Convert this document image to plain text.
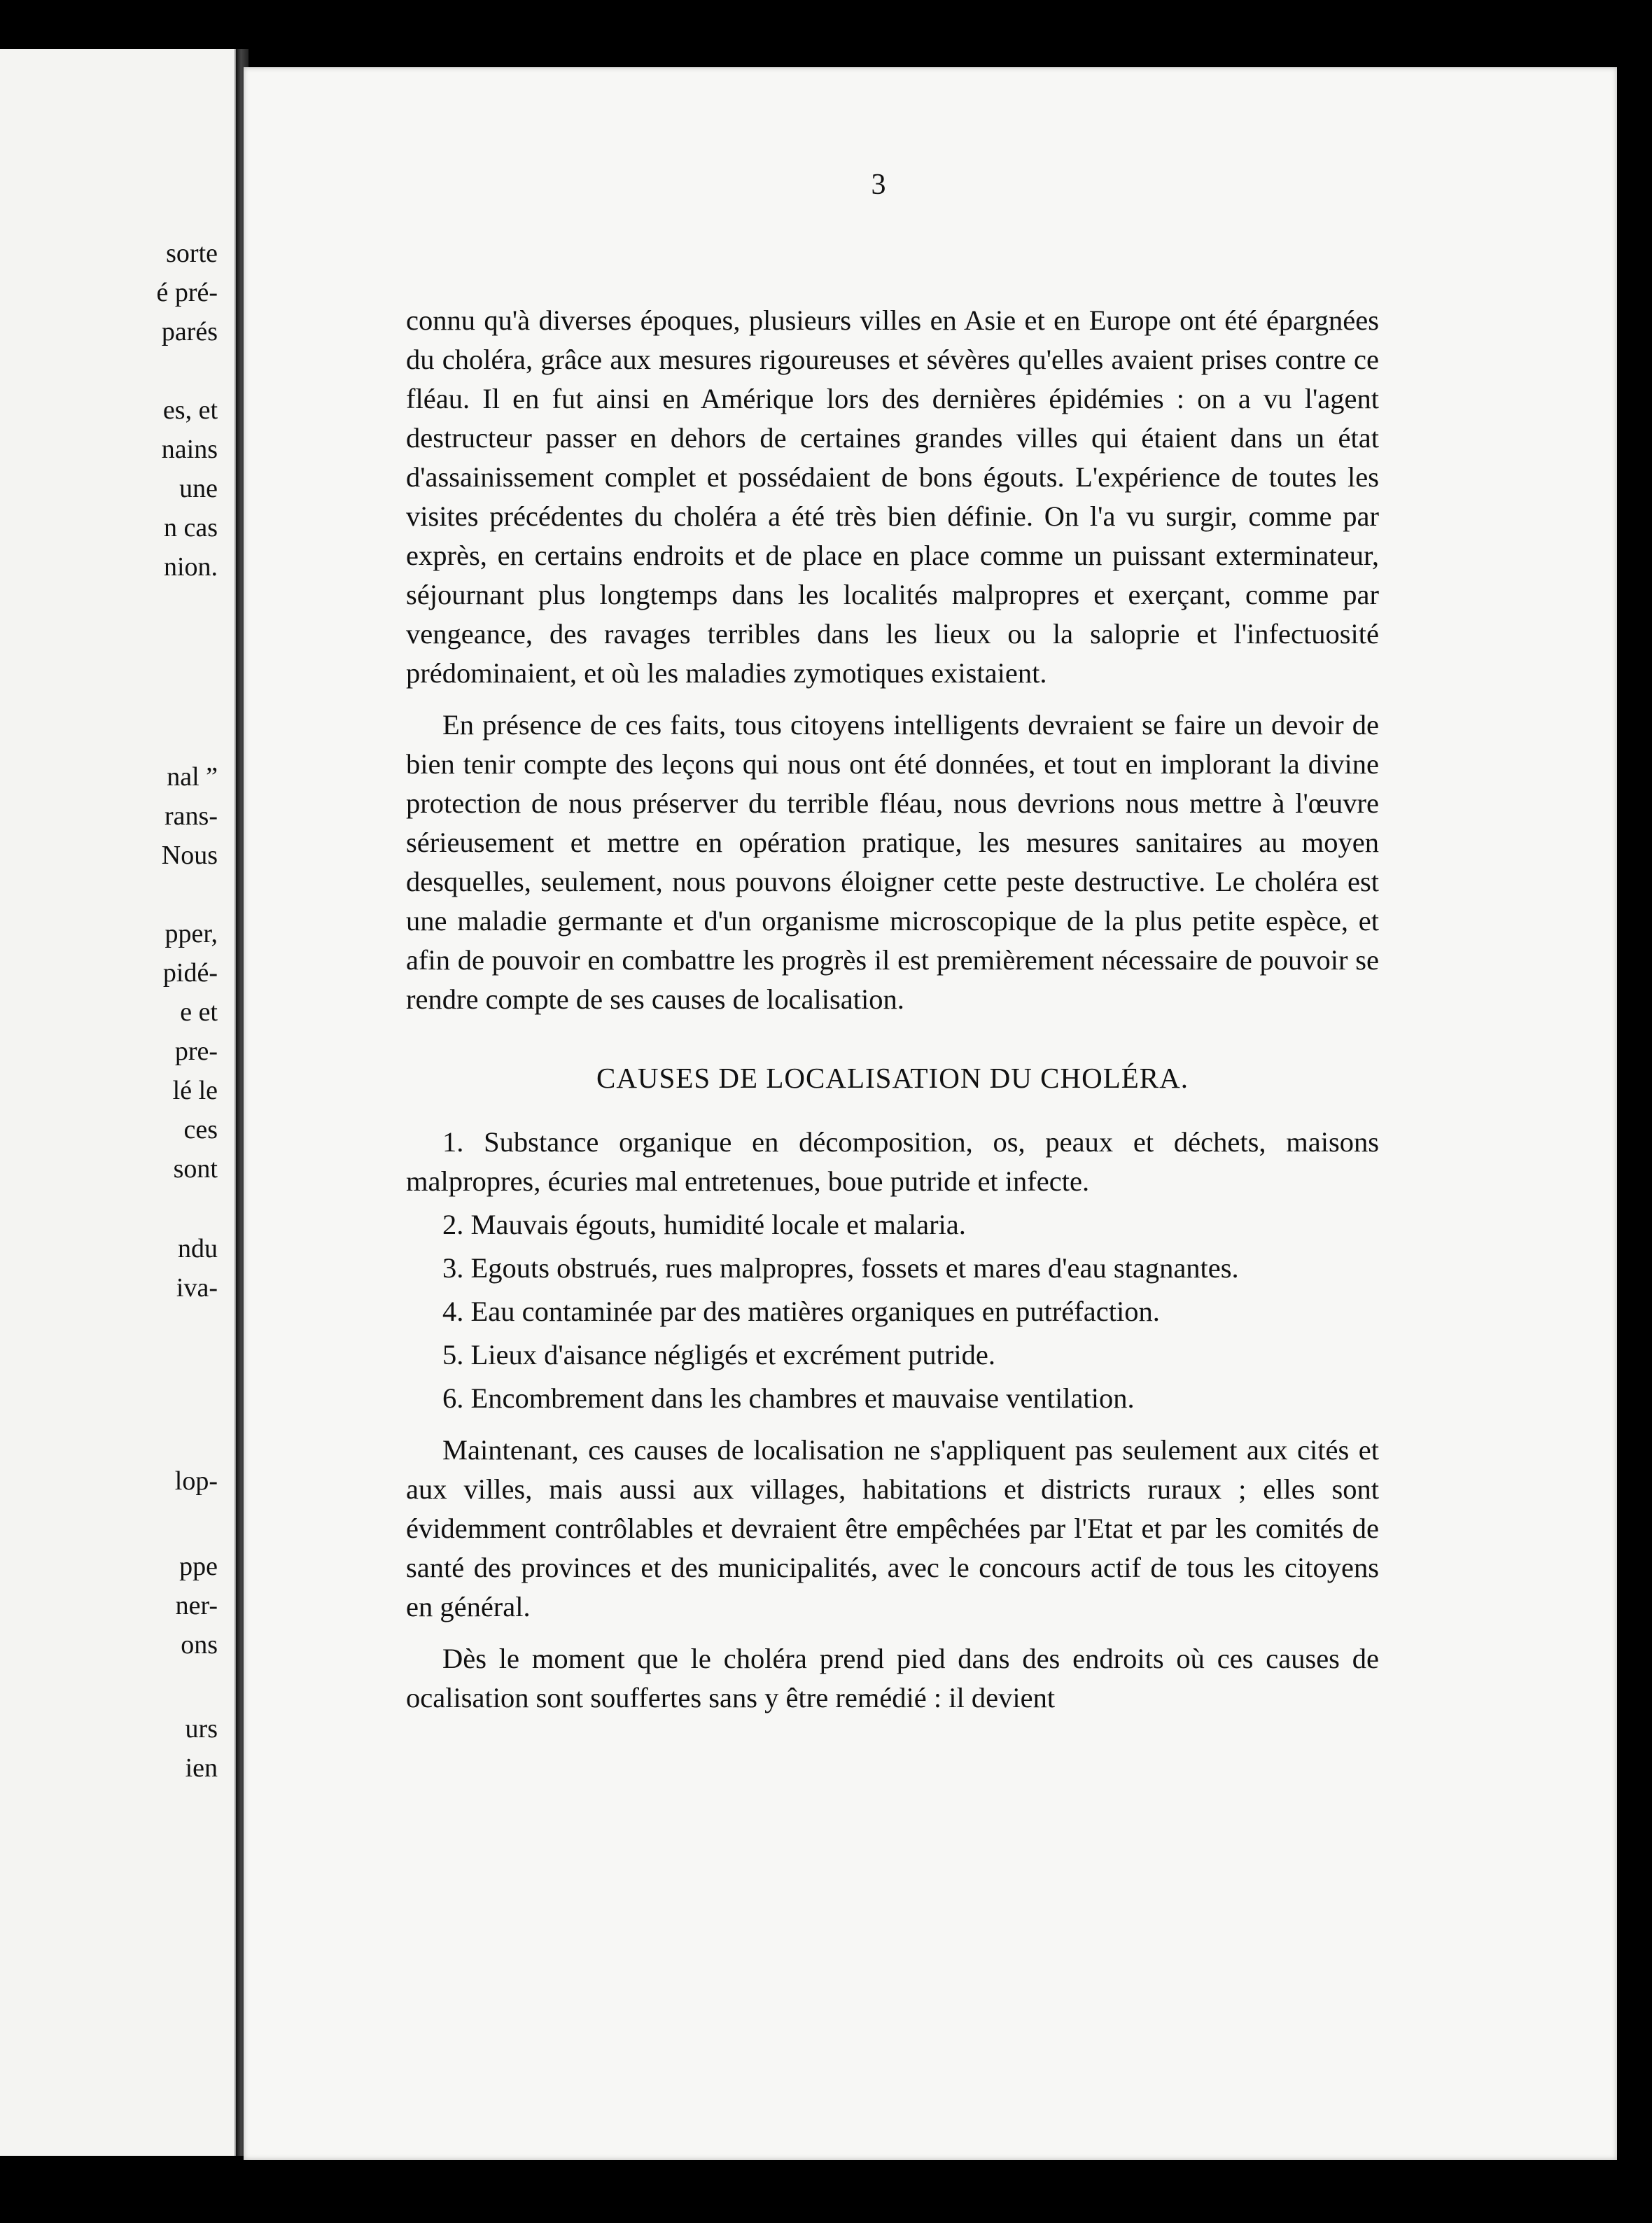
sorte
é pré-
parés
es, et
nains
une
n cas
nion.
nal ”
rans-
Nous
pper,
pidé-
e et
pre-
lé le
ces
sont
ndu
iva-
lop-
ppe
ner-
ons
urs
ien
3

connu qu'à diverses époques, plusieurs villes en Asie et en Europe ont été épargnées du choléra, grâce aux mesures rigoureuses et sévères qu'elles avaient prises contre ce fléau. Il en fut ainsi en Amérique lors des dernières épidémies : on a vu l'agent destructeur passer en dehors de certaines grandes villes qui étaient dans un état d'assainissement complet et possédaient de bons égouts. L'expérience de toutes les visites précédentes du choléra a été très bien définie. On l'a vu surgir, comme par exprès, en certains endroits et de place en place comme un puissant exterminateur, séjournant plus longtemps dans les localités malpropres et exerçant, comme par vengeance, des ravages terribles dans les lieux ou la saloprie et l'infectuosité prédominaient, et où les maladies zymotiques existaient.

En présence de ces faits, tous citoyens intelligents devraient se faire un devoir de bien tenir compte des leçons qui nous ont été données, et tout en implorant la divine protection de nous préserver du terrible fléau, nous devrions nous mettre à l'œuvre sérieusement et mettre en opération pratique, les mesures sanitaires au moyen desquelles, seulement, nous pouvons éloigner cette peste destructive. Le choléra est une maladie germante et d'un organisme microscopique de la plus petite espèce, et afin de pouvoir en combattre les progrès il est premièrement nécessaire de pouvoir se rendre compte de ses causes de localisation.

CAUSES DE LOCALISATION DU CHOLÉRA.
1. Substance organique en décomposition, os, peaux et déchets, maisons malpropres, écuries mal entretenues, boue putride et infecte.
2. Mauvais égouts, humidité locale et malaria.
3. Egouts obstrués, rues malpropres, fossets et mares d'eau stagnantes.
4. Eau contaminée par des matières organiques en putréfaction.
5. Lieux d'aisance négligés et excrément putride.
6. Encombrement dans les chambres et mauvaise ventilation.

Maintenant, ces causes de localisation ne s'appliquent pas seulement aux cités et aux villes, mais aussi aux villages, habitations et districts ruraux ; elles sont évidemment contrôlables et devraient être empêchées par l'Etat et par les comités de santé des provinces et des municipalités, avec le concours actif de tous les citoyens en général.

Dès le moment que le choléra prend pied dans des endroits où ces causes de ocalisation sont souffertes sans y être remédié : il devient
